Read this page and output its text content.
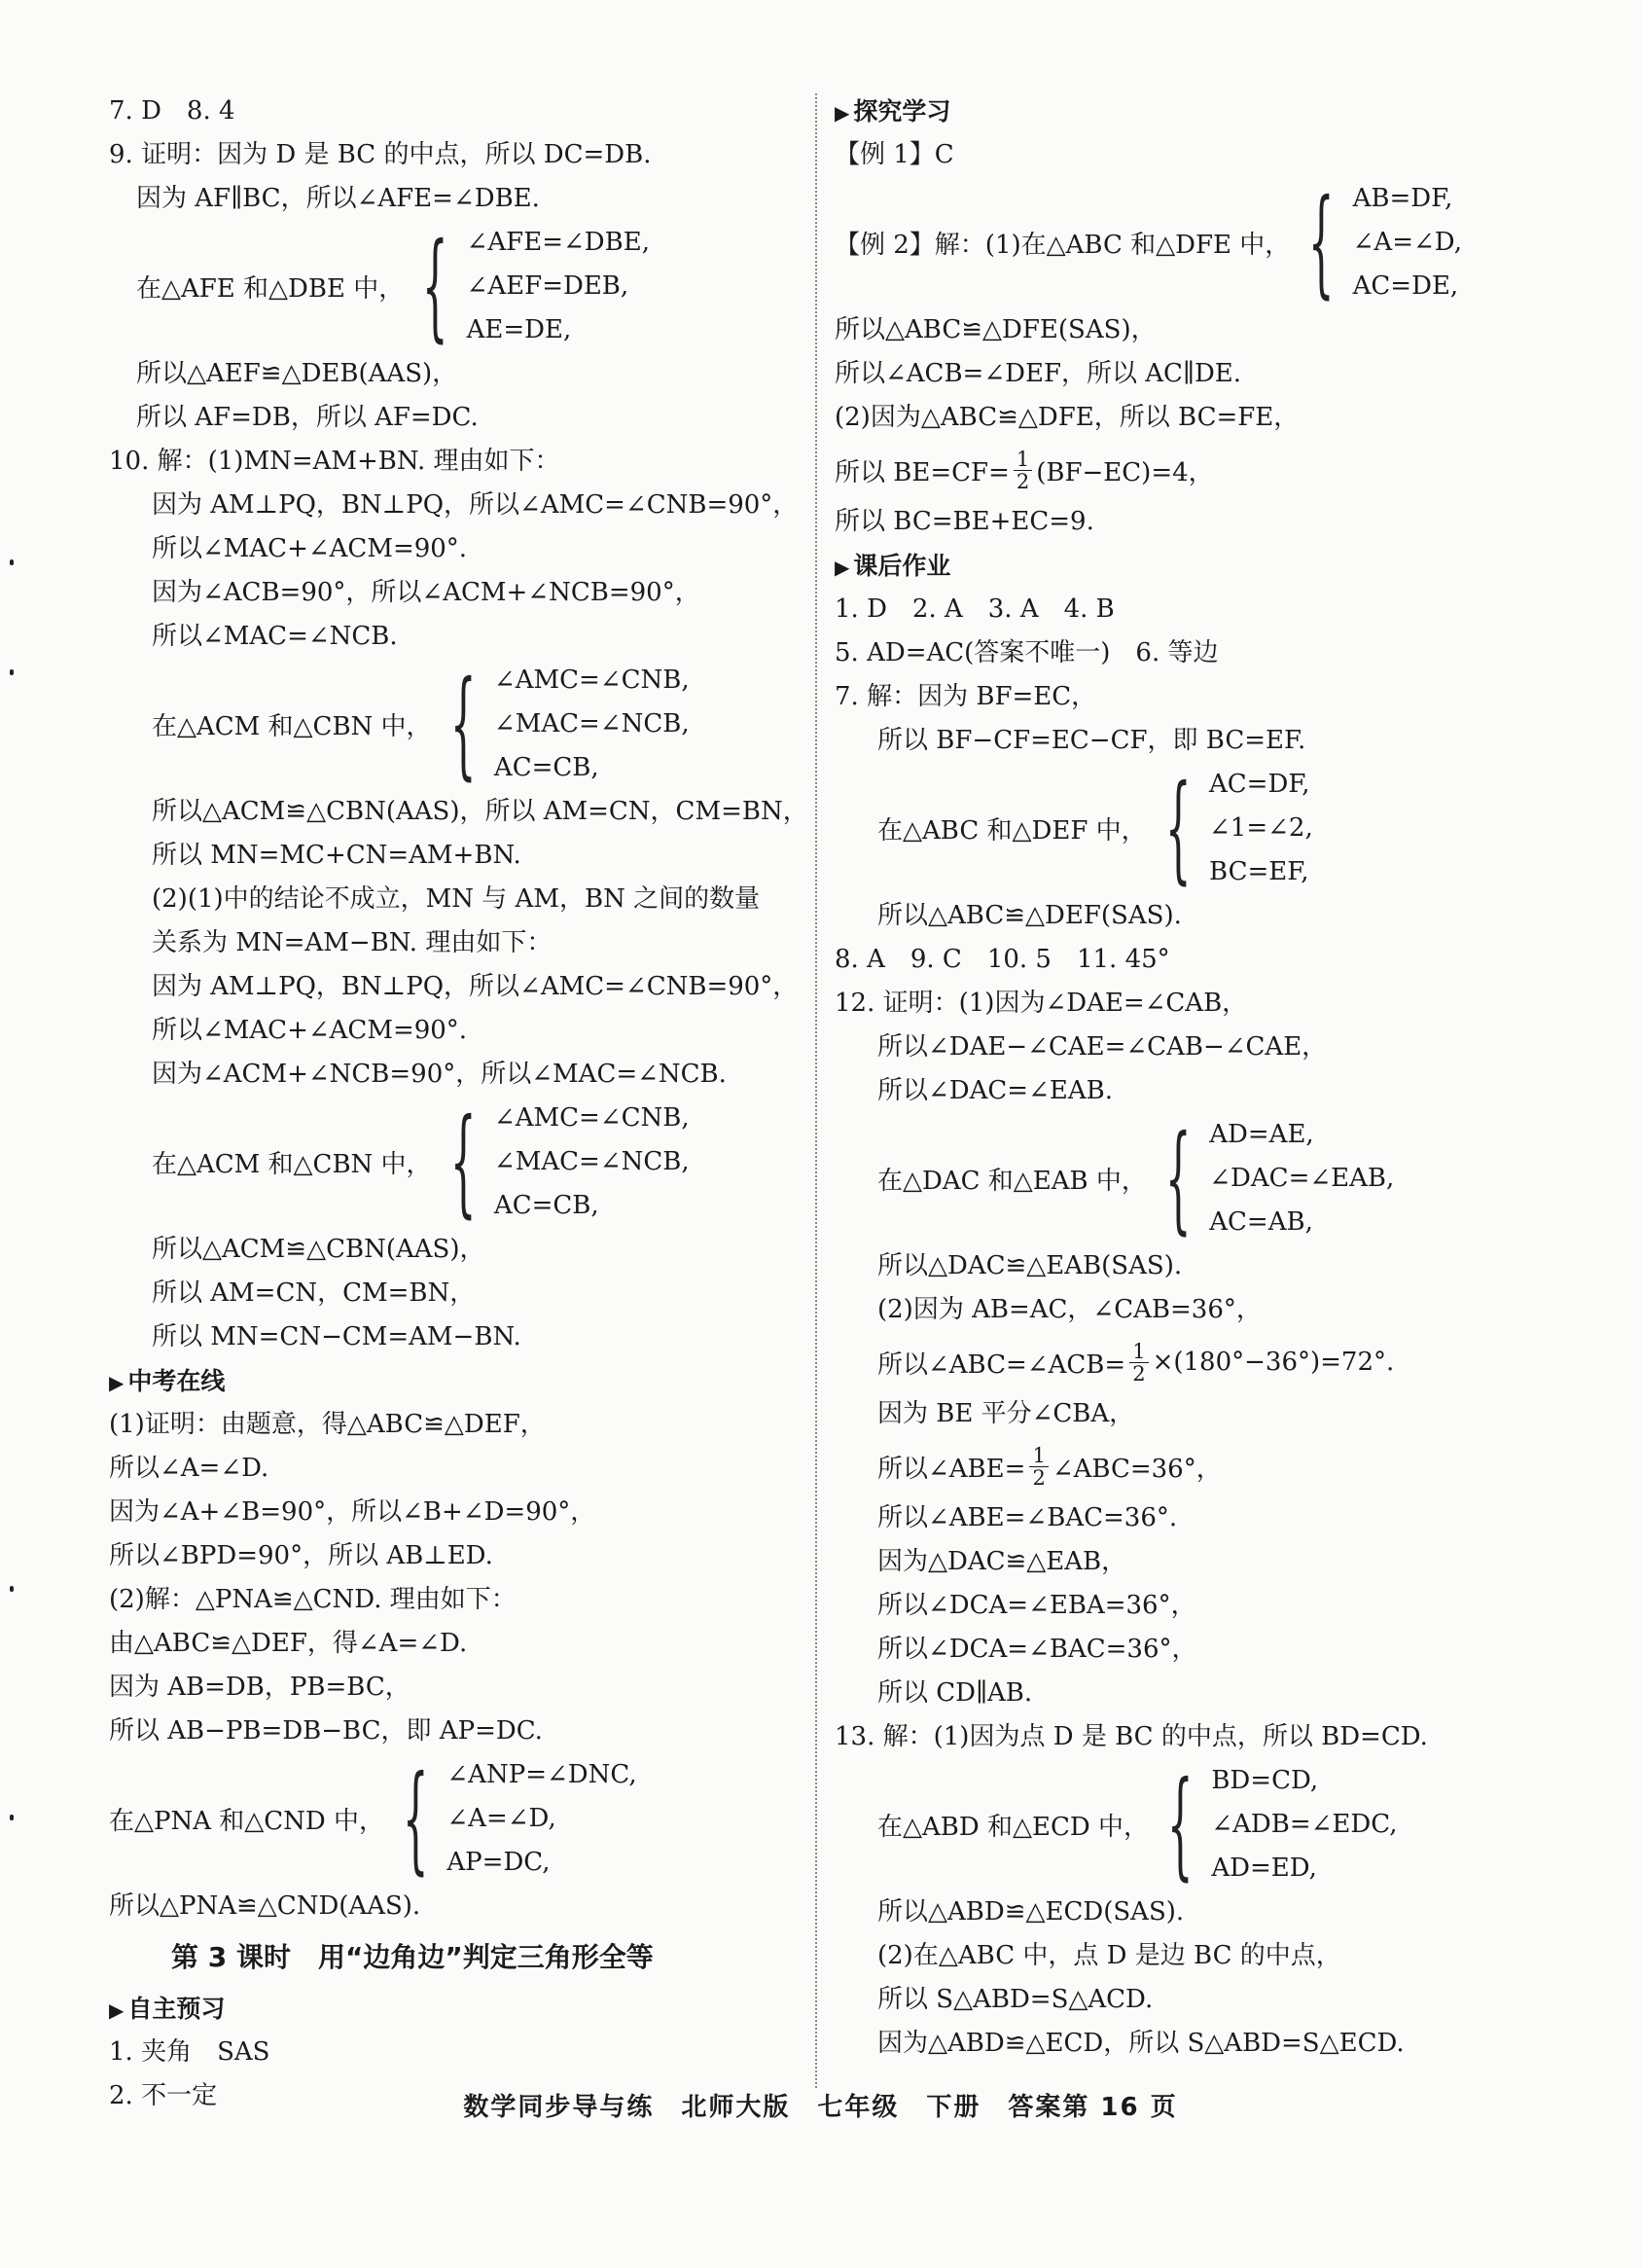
7. D　8. 4
9. 证明：因为 D 是 BC 的中点，所以 DC=DB.
因为 AF∥BC，所以∠AFE=∠DBE.
在△AFE 和△DBE 中， { ∠AFE=∠DBE,
∠AEF=DEB,
AE=DE,
所以△AEF≌△DEB(AAS)，
所以 AF=DB，所以 AF=DC.
10. 解：(1)MN=AM+BN. 理由如下：
因为 AM⊥PQ，BN⊥PQ，所以∠AMC=∠CNB=90°，
所以∠MAC+∠ACM=90°.
因为∠ACB=90°，所以∠ACM+∠NCB=90°，
所以∠MAC=∠NCB.
在△ACM 和△CBN 中， { ∠AMC=∠CNB,
∠MAC=∠NCB,
AC=CB,
所以△ACM≌△CBN(AAS)，所以 AM=CN，CM=BN，
所以 MN=MC+CN=AM+BN.
(2)(1)中的结论不成立，MN 与 AM，BN 之间的数量
关系为 MN=AM−BN. 理由如下：
因为 AM⊥PQ，BN⊥PQ，所以∠AMC=∠CNB=90°，
所以∠MAC+∠ACM=90°.
因为∠ACM+∠NCB=90°，所以∠MAC=∠NCB.
在△ACM 和△CBN 中， { ∠AMC=∠CNB,
∠MAC=∠NCB,
AC=CB,
所以△ACM≌△CBN(AAS)，
所以 AM=CN，CM=BN，
所以 MN=CN−CM=AM−BN.
▶ 中考在线
(1)证明：由题意，得△ABC≌△DEF，
所以∠A=∠D.
因为∠A+∠B=90°，所以∠B+∠D=90°，
所以∠BPD=90°，所以 AB⊥ED.
(2)解：△PNA≌△CND. 理由如下：
由△ABC≌△DEF，得∠A=∠D.
因为 AB=DB，PB=BC，
所以 AB−PB=DB−BC，即 AP=DC.
在△PNA 和△CND 中， { ∠ANP=∠DNC,
∠A=∠D,
AP=DC,
所以△PNA≌△CND(AAS).
第 3 课时　用“边角边”判定三角形全等
▶ 自主预习
1. 夹角　SAS
2. 不一定
▶ 探究学习
【例 1】C
【例 2】解：(1)在△ABC 和△DFE 中， { AB=DF,
∠A=∠D,
AC=DE,
所以△ABC≌△DFE(SAS)，
所以∠ACB=∠DEF，所以 AC∥DE.
(2)因为△ABC≌△DFE，所以 BC=FE，
所以 $BE=CF= \frac{1}{2} (BF-EC)=4$，
所以 BC=BE+EC=9.
▶ 课后作业
1. D　2. A　3. A　4. B
5. AD=AC(答案不唯一)　6. 等边
7. 解：因为 BF=EC，
所以 BF−CF=EC−CF，即 BC=EF.
在△ABC 和△DEF 中， { AC=DF,
∠1=∠2,
BC=EF,
所以△ABC≌△DEF(SAS).
8. A　9. C　10. 5　11. 45°
12. 证明：(1)因为∠DAE=∠CAB，
所以∠DAE−∠CAE=∠CAB−∠CAE，
所以∠DAC=∠EAB.
在△DAC 和△EAB 中， { AD=AE,
∠DAC=∠EAB,
AC=AB,
所以△DAC≌△EAB(SAS).
(2)因为 AB=AC，∠CAB=36°，
所以∠ABC=∠ACB= $\frac{1}{2} \times(180^\circ-36^\circ)=72^\circ$.
因为 BE 平分∠CBA，
所以∠ABE= $\frac{1}{2}$ ∠ABC=36°，
所以∠ABE=∠BAC=36°.
因为△DAC≌△EAB，
所以∠DCA=∠EBA=36°，
所以∠DCA=∠BAC=36°，
所以 CD∥AB.
13. 解：(1)因为点 D 是 BC 的中点，所以 BD=CD.
在△ABD 和△ECD 中， { BD=CD,
∠ADB=∠EDC,
AD=ED,
所以△ABD≌△ECD(SAS).
(2)在△ABC 中，点 D 是边 BC 的中点，
所以 S△ABD=S△ACD.
因为△ABD≌△ECD，所以 S△ABD=S△ECD.
数学同步导与练　北师大版　七年级　下册　答案第 16 页
